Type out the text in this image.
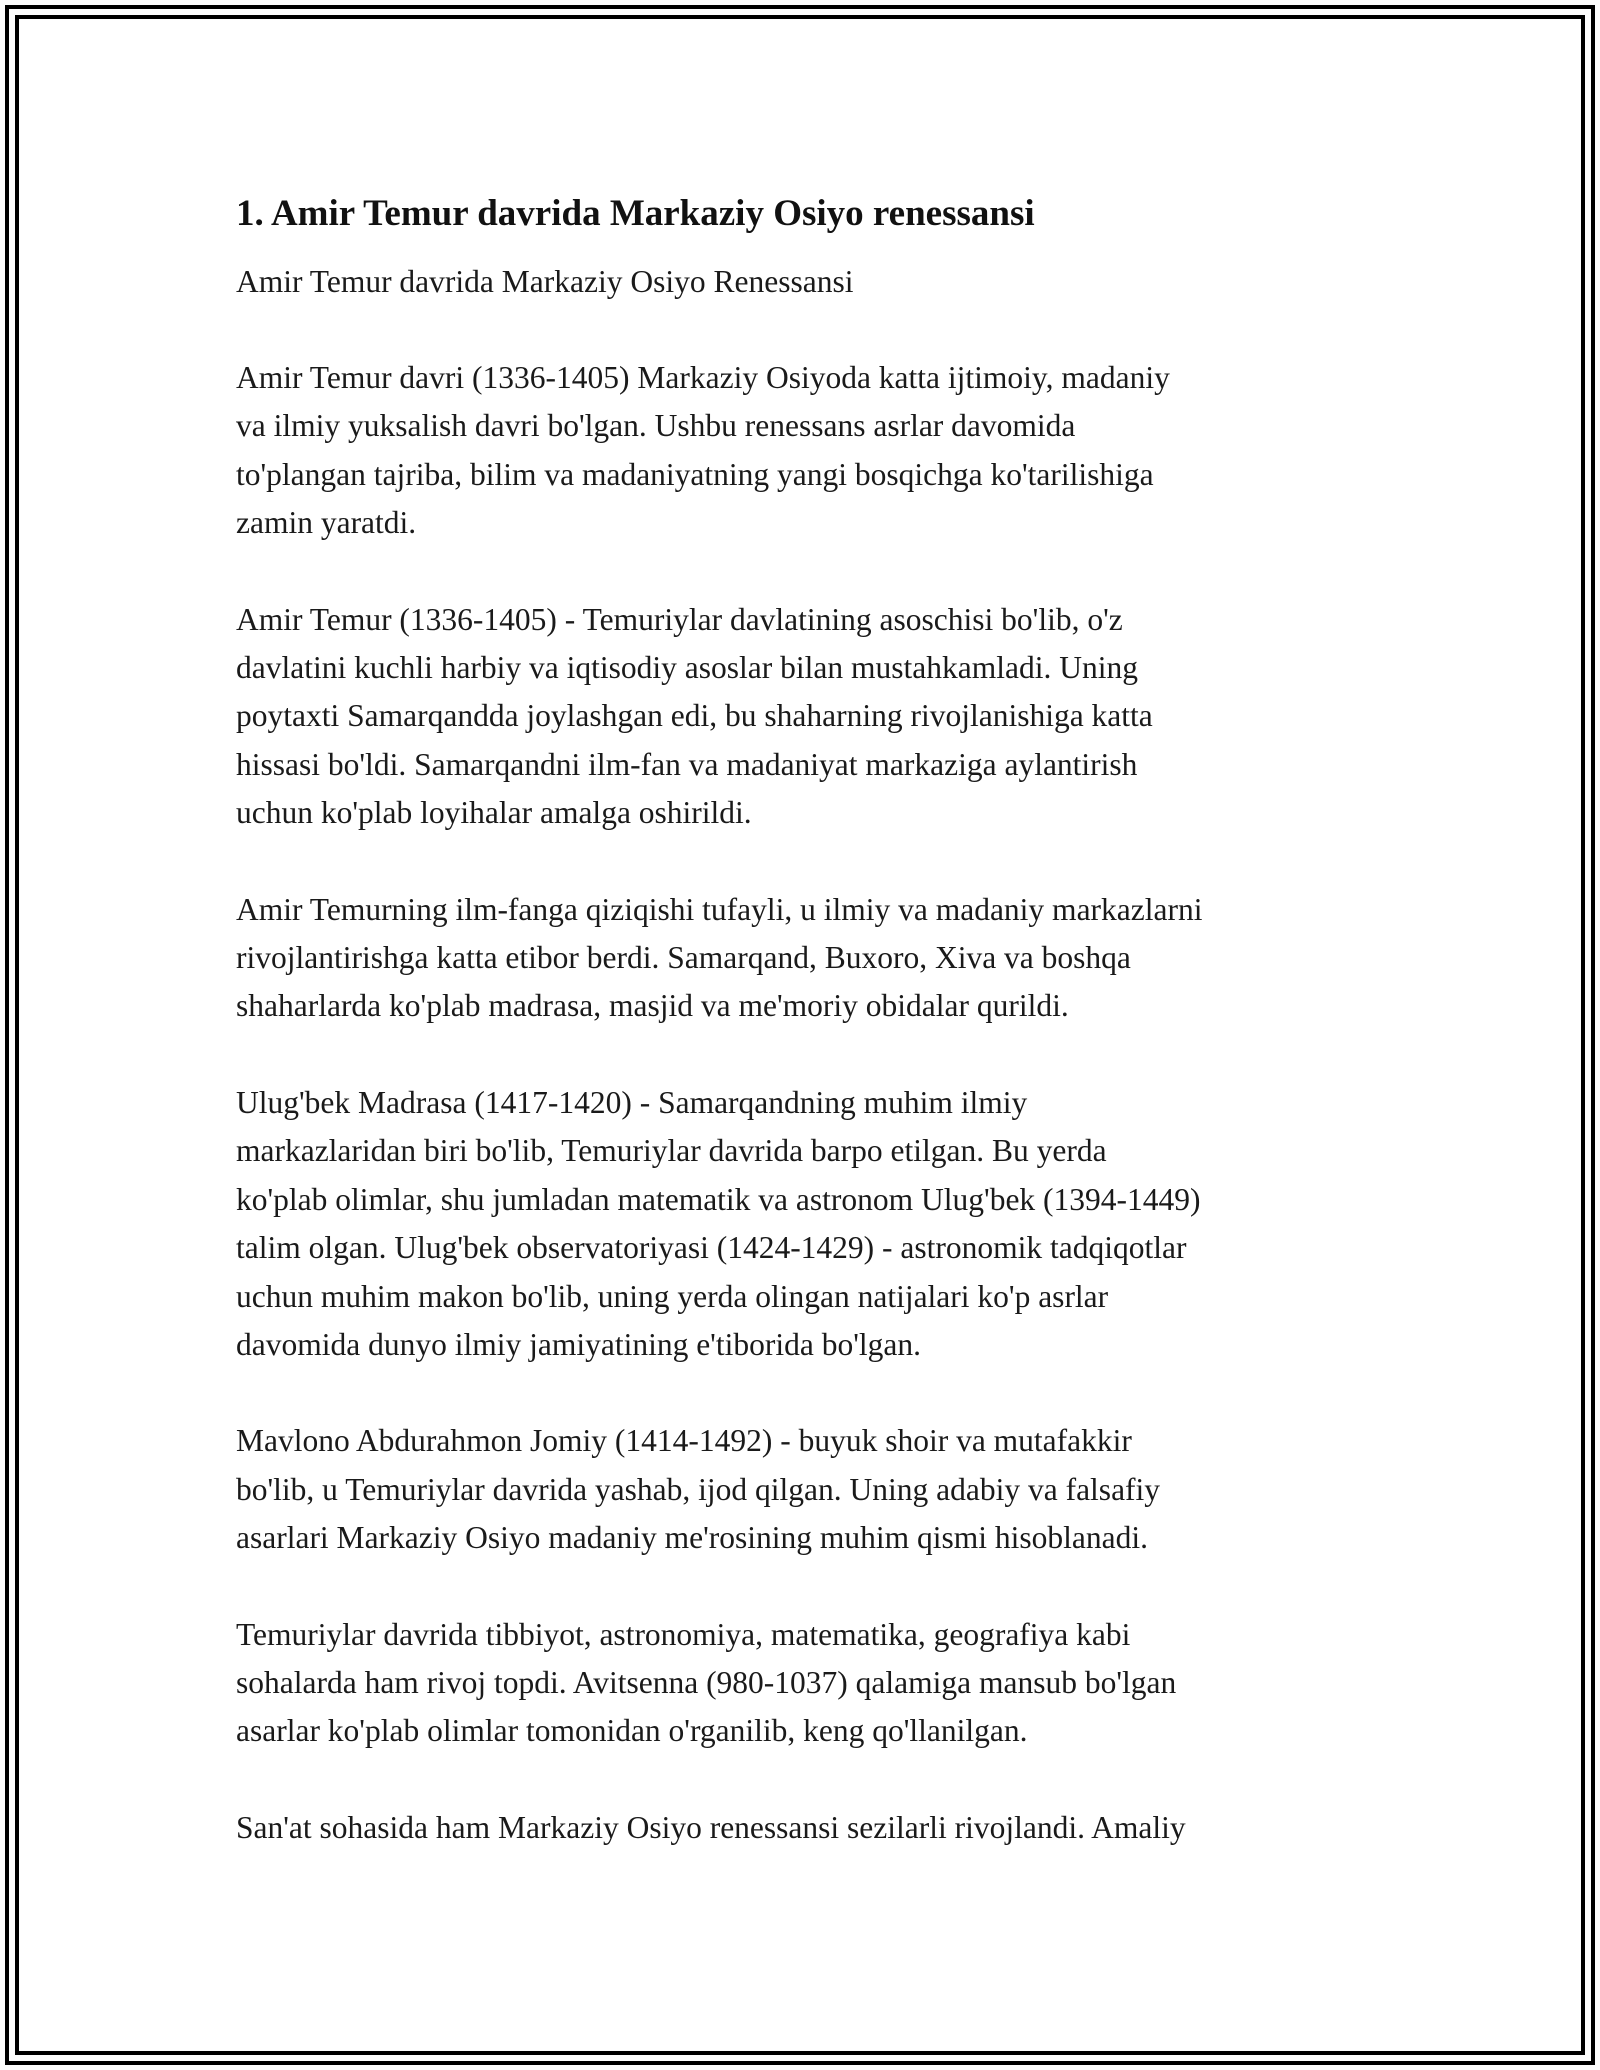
1. Amir Temur davrida Markaziy Osiyo renessansi

Amir Temur davrida Markaziy Osiyo Renessansi

Amir Temur davri (1336-1405) Markaziy Osiyoda katta ijtimoiy, madaniy
va ilmiy yuksalish davri bo'lgan. Ushbu renessans asrlar davomida
to'plangan tajriba, bilim va madaniyatning yangi bosqichga ko'tarilishiga
zamin yaratdi.

Amir Temur (1336-1405) - Temuriylar davlatining asoschisi bo'lib, o'z
davlatini kuchli harbiy va iqtisodiy asoslar bilan mustahkamladi. Uning
poytaxti Samarqandda joylashgan edi, bu shaharning rivojlanishiga katta
hissasi bo'ldi. Samarqandni ilm-fan va madaniyat markaziga aylantirish
uchun ko'plab loyihalar amalga oshirildi.

Amir Temurning ilm-fanga qiziqishi tufayli, u ilmiy va madaniy markazlarni
rivojlantirishga katta etibor berdi. Samarqand, Buxoro, Xiva va boshqa
shaharlarda ko'plab madrasa, masjid va me'moriy obidalar qurildi.

Ulug'bek Madrasa (1417-1420) - Samarqandning muhim ilmiy
markazlaridan biri bo'lib, Temuriylar davrida barpo etilgan. Bu yerda
ko'plab olimlar, shu jumladan matematik va astronom Ulug'bek (1394-1449)
talim olgan. Ulug'bek observatoriyasi (1424-1429) - astronomik tadqiqotlar
uchun muhim makon bo'lib, uning yerda olingan natijalari ko'p asrlar
davomida dunyo ilmiy jamiyatining e'tiborida bo'lgan.

Mavlono Abdurahmon Jomiy (1414-1492) - buyuk shoir va mutafakkir
bo'lib, u Temuriylar davrida yashab, ijod qilgan. Uning adabiy va falsafiy
asarlari Markaziy Osiyo madaniy me'rosining muhim qismi hisoblanadi.

Temuriylar davrida tibbiyot, astronomiya, matematika, geografiya kabi
sohalarda ham rivoj topdi. Avitsenna (980-1037) qalamiga mansub bo'lgan
asarlar ko'plab olimlar tomonidan o'rganilib, keng qo'llanilgan.

San'at sohasida ham Markaziy Osiyo renessansi sezilarli rivojlandi. Amaliy
